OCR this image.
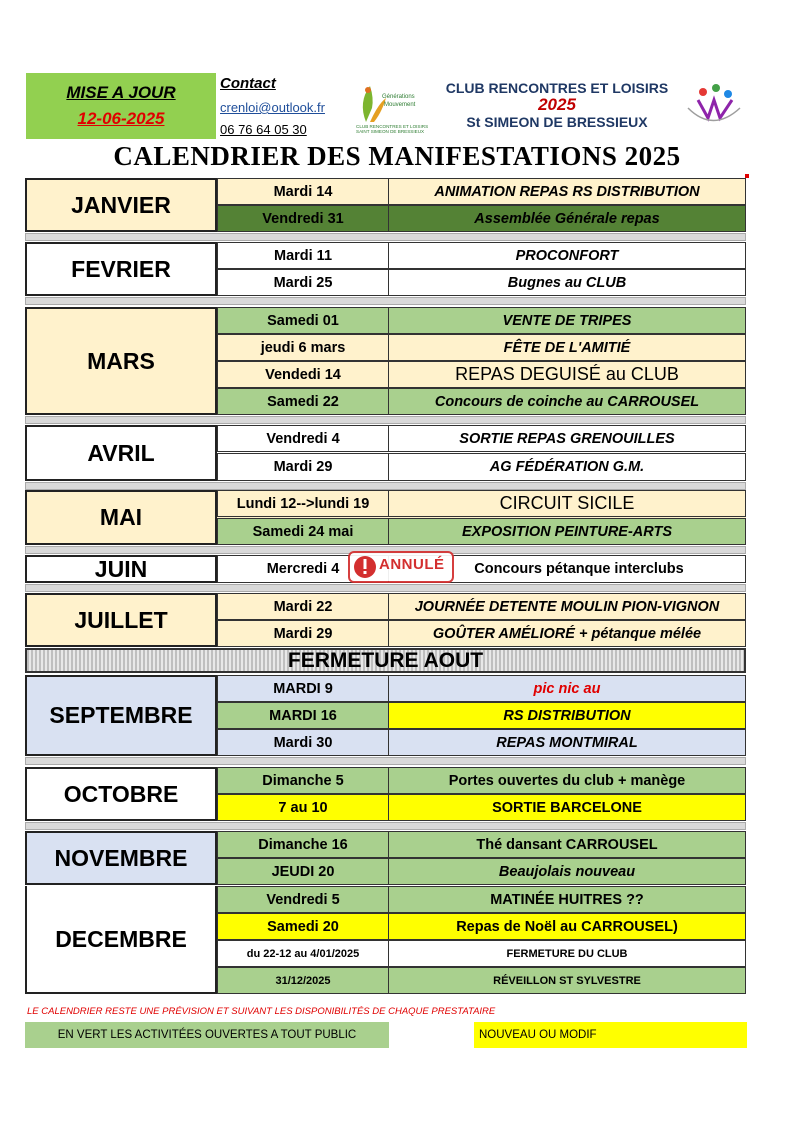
MISE A JOUR
12-06-2025
Contact
crenloi@outlook.fr
06 76 64 05 30
Générations
Mouvement
CLUB RENCONTRES ET LOISIRS
SAINT SIMEON DE BRESSIEUX
CLUB RENCONTRES ET LOISIRS
2025
St SIMEON DE BRESSIEUX
CALENDRIER DES MANIFESTATIONS 2025
JANVIER	Mardi 14	ANIMATION REPAS RS DISTRIBUTION
Vendredi 31	Assemblée Générale repas
FEVRIER	Mardi 11	PROCONFORT
Mardi 25	Bugnes au CLUB
MARS
Samedi 01	VENTE DE TRIPES
jeudi 6 mars	FÊTE DE L'AMITIÉ
Vendedi 14	REPAS DEGUISÉ au CLUB
Samedi 22	Concours de coinche au CARROUSEL
AVRIL
Vendredi 4	SORTIE REPAS GRENOUILLES
Mardi 29	AG FÉDÉRATION G.M.
MAI
Lundi 12-->lundi 19	CIRCUIT SICILE
Samedi 24 mai	EXPOSITION PEINTURE-ARTS
JUIN	Mercredi 4	Concours pétanque interclubs
ANNULÉ
JUILLET	Mardi 22	JOURNÉE DETENTE MOULIN PION-VIGNON
Mardi 29	GOÛTER AMÉLIORÉ + pétanque mélée
FERMETURE AOUT
SEPTEMBRE
MARDI 9	pic nic au
MARDI 16	RS DISTRIBUTION
Mardi 30	REPAS MONTMIRAL
OCTOBRE	Dimanche 5	Portes ouvertes du club + manège
7 au 10	SORTIE BARCELONE
NOVEMBRE	Dimanche 16	Thé dansant CARROUSEL
JEUDI 20	Beaujolais nouveau
DECEMBRE
Vendredi 5	MATINÉE HUITRES ??
Samedi 20	Repas de Noël au CARROUSEL)
du 22-12 au 4/01/2025	FERMETURE DU CLUB
31/12/2025	RÉVEILLON ST SYLVESTRE
LE CALENDRIER RESTE UNE PRÉVISION ET SUIVANT LES DISPONIBILITÉS DE CHAQUE PRESTATAIRE
EN VERT LES ACTIVITÉES OUVERTES A TOUT PUBLIC	NOUVEAU OU MODIF
